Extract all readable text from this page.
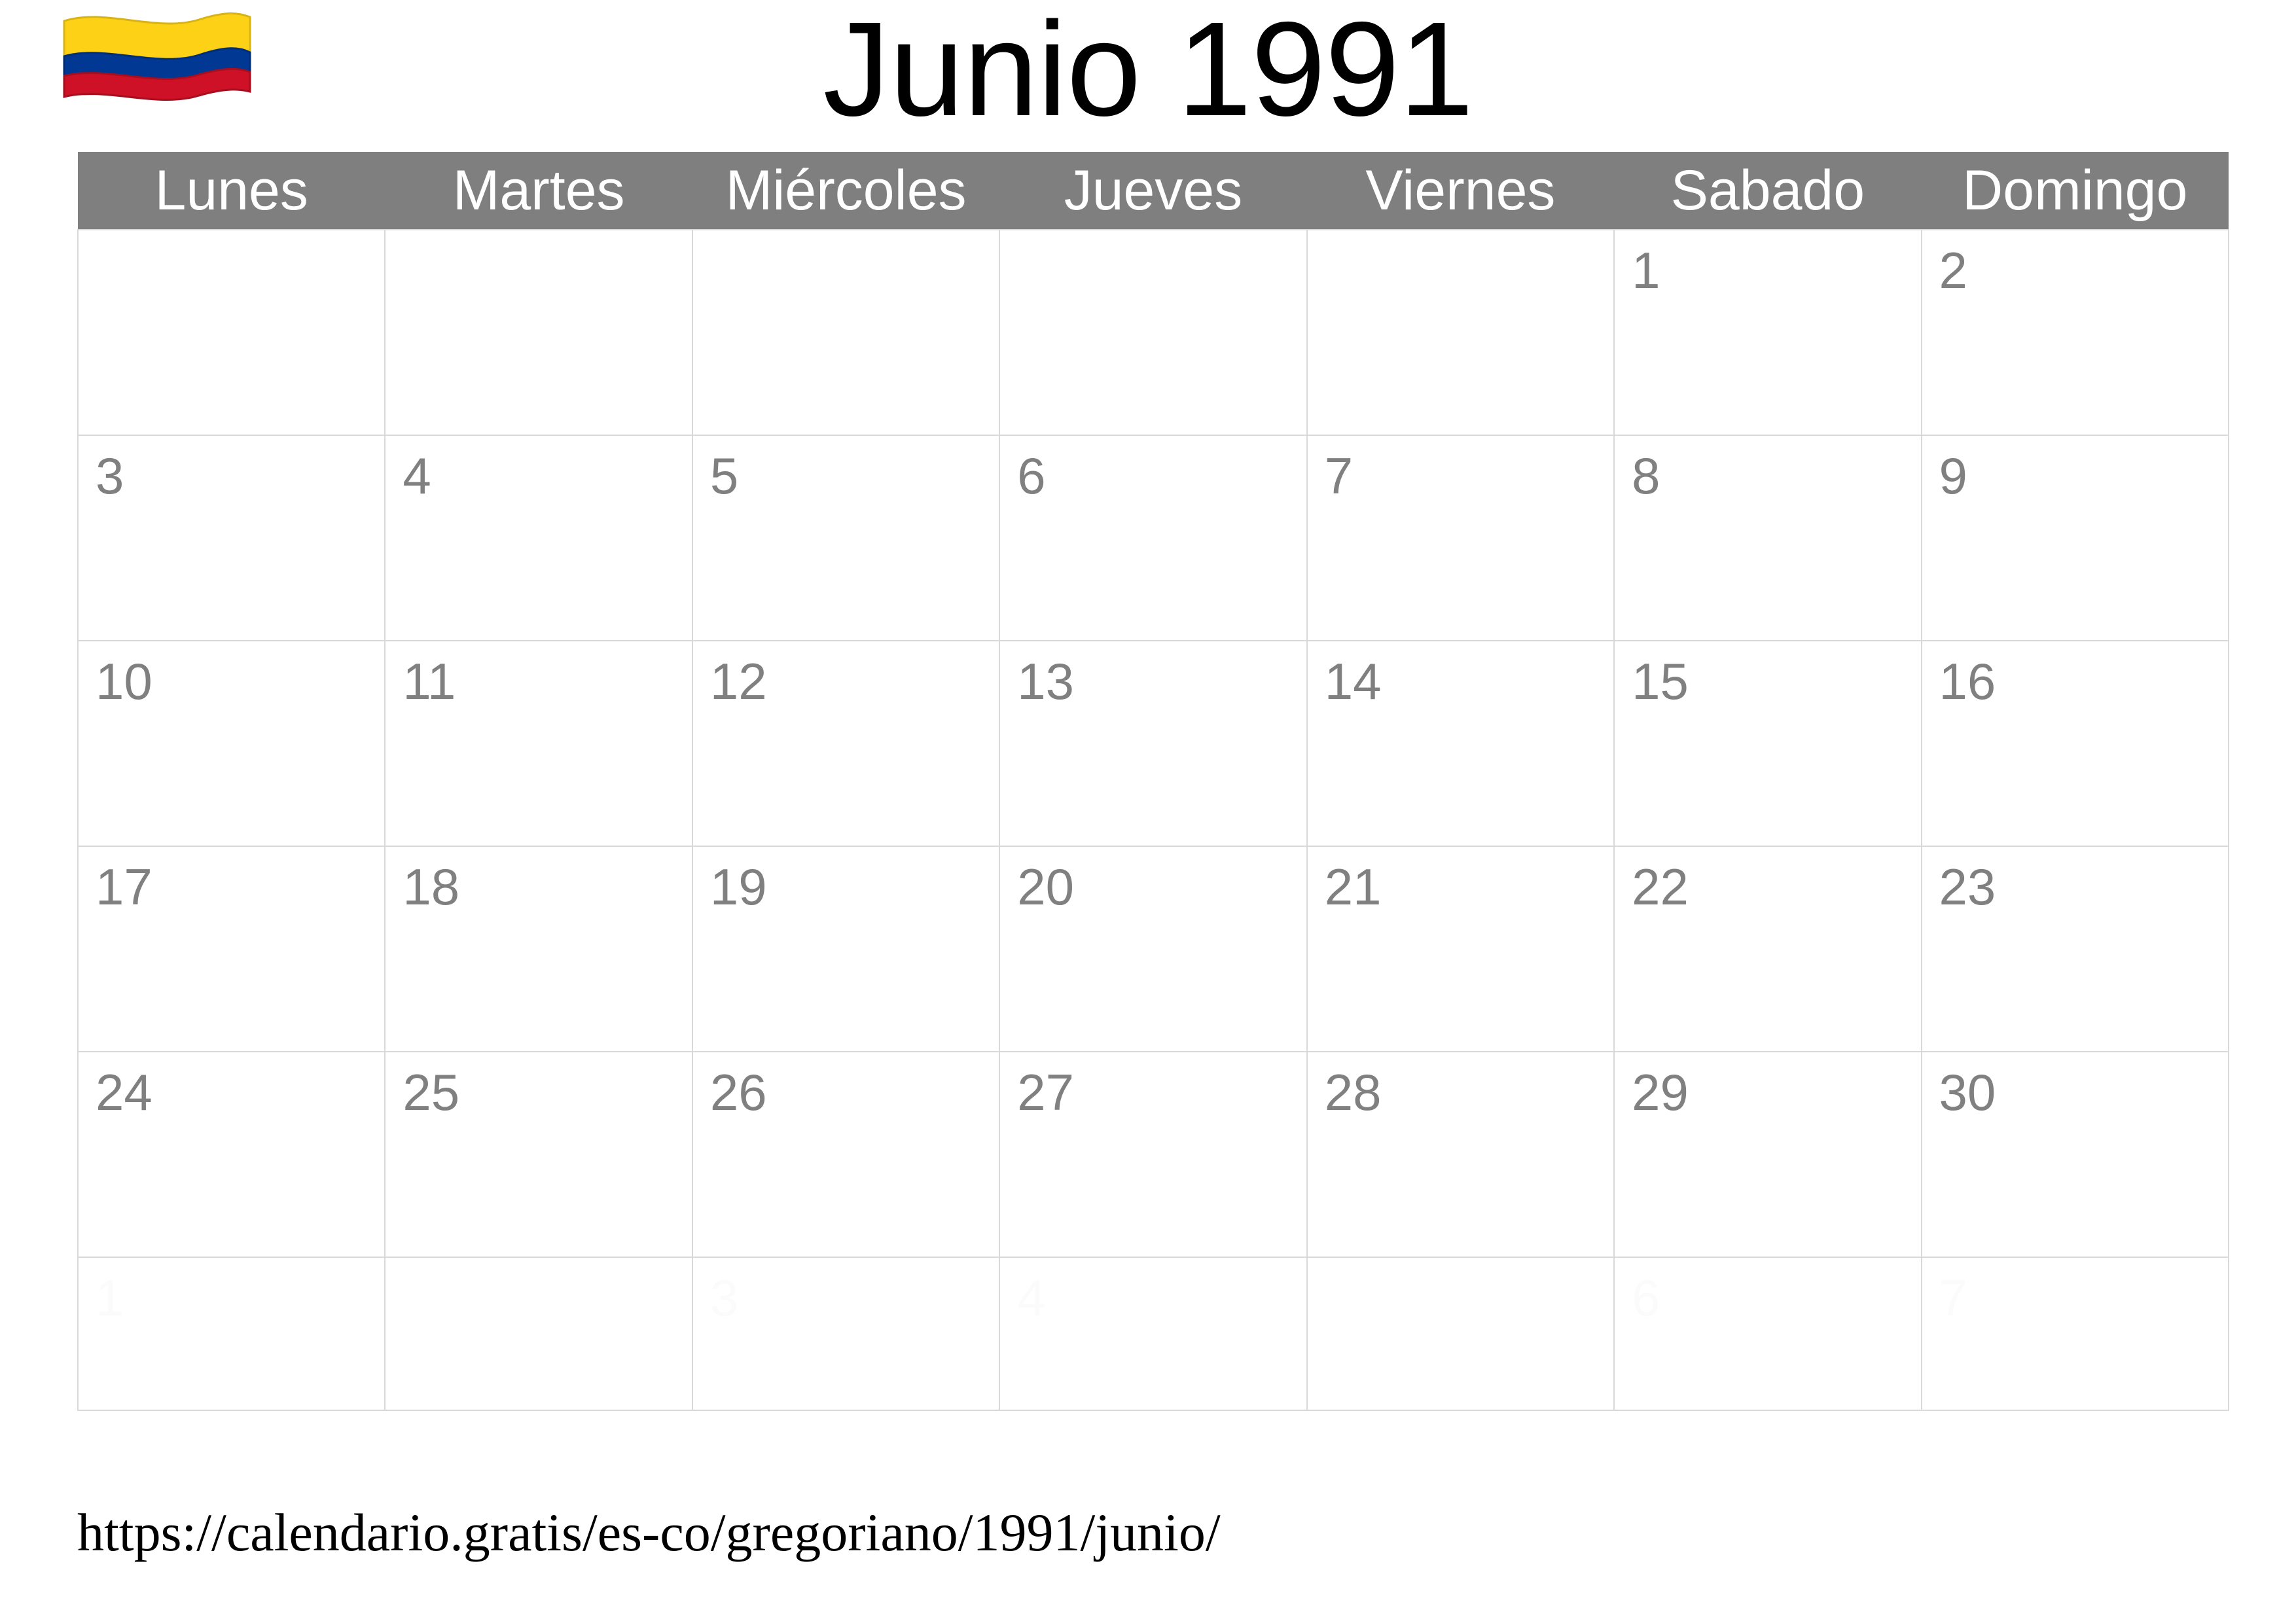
Junio 1991
Lunes	Martes	Miércoles	Jueves	Viernes	Sabado	Domingo

					1	2

3	4	5	6	7	8	9

10	11	12	13	14	15	16

17	18	19	20	21	22	23

24	25	26	27	28	29	30

1		3	4		6	7
https://calendario.gratis/es-co/gregoriano/1991/junio/
